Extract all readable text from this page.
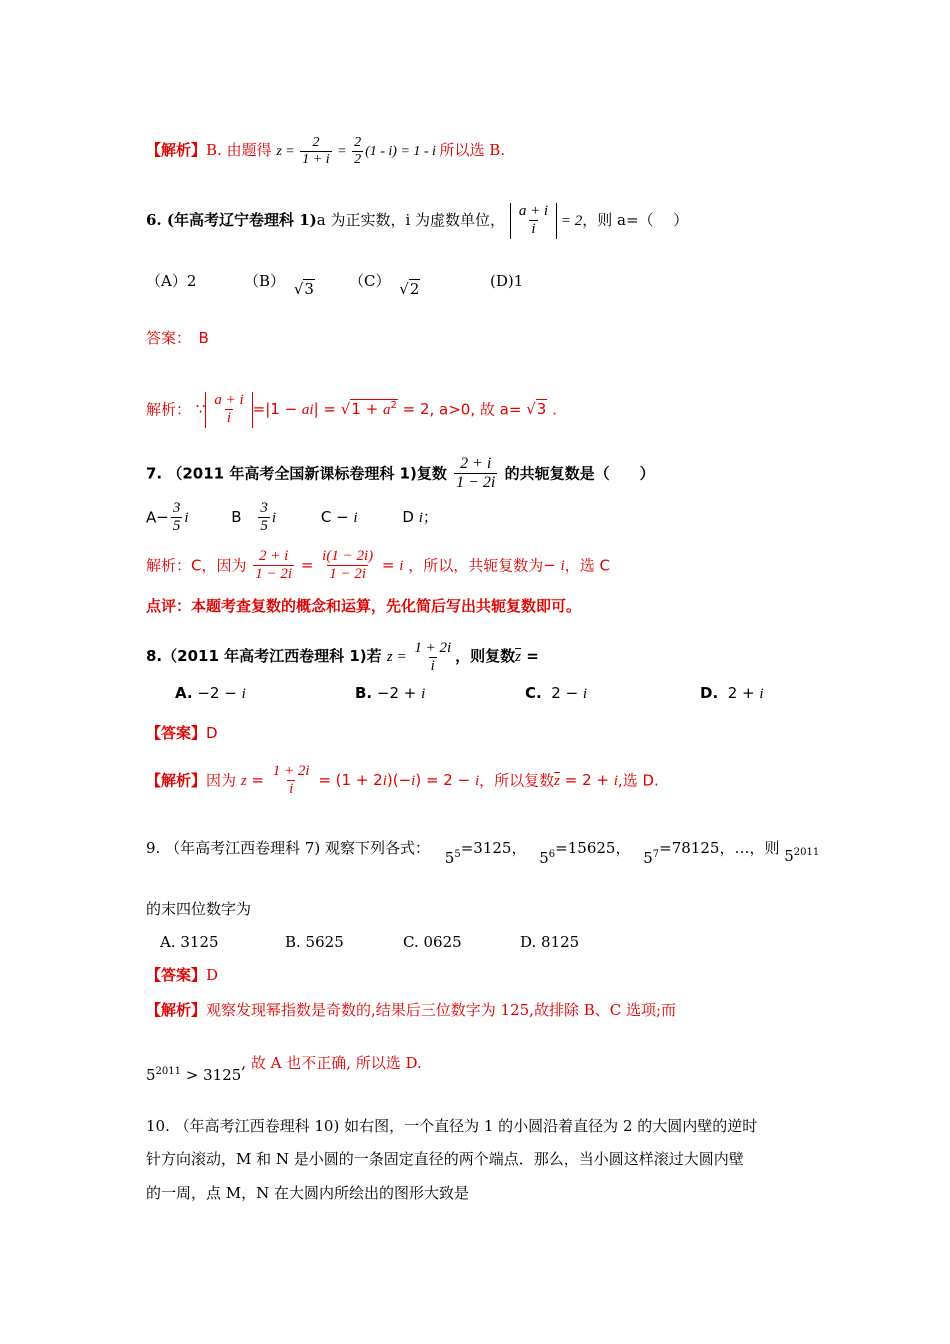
【解析】B. 由题得 $z = \frac{2}{1 + i} = \frac{2}{2} (1 - i) = 1 - i$ 所以选 B.
6. (年高考辽宁卷理科 1)a 为正实数，i 为虚数单位， $\frac{a + i}{i} = 2$，则 a=（　 ）
（A）2	（B） √3 （C） √2	(D)1
答案：　B
解析： ∵ $\frac{a + i}{i} =|1 - ai| = √1 + a^2 = 2$, a>0, 故 a= √3 .
7. （2011 年高考全国新课标卷理科 1)复数 $\frac{2 + i}{1 - 2i}$ 的共轭复数是（　　）
$A- \frac{3}{5}$ i	B $\frac{3}{5}$ i	C − i	D i；
解析：C，因为 $\frac{2 + i}{1 - 2i} = \frac{i(1 - 2i)}{1 - 2i} = i$ ，所以，共轭复数为− i，选 C
点评：本题考查复数的概念和运算，先化简后写出共轭复数即可。
8.（2011 年高考江西卷理科 1)若 $z = \frac{1 + 2i}{i}$ ，则复数$\overline{z}$ =
A. −2 − i	B. −2 + i	C.  2 − i	D.  2 + i
【答案】D
【解析】因为 $z = \frac{1 + 2i}{i} = (1 + 2i)(-i) = 2 - i$，所以复数$\overline{z} = 2 + i$,选 D.
9. （年高考江西卷理科 7) 观察下列各式： $5^5=3125$， $5^6=15625$， $5^7=78125$，…，则 $5^{2011}$
的末四位数字为
A. 3125	B. 5625	C. 0625	D. 8125
【答案】D
【解析】观察发现幂指数是奇数的,结果后三位数字为 125,故排除 B、C 选项;而
$5^{2011} > 3125$, 故 A 也不正确, 所以选 D.
10. （年高考江西卷理科 10) 如右图，一个直径为 1 的小圆沿着直径为 2 的大圆内壁的逆时
针方向滚动，M 和 N 是小圆的一条固定直径的两个端点．那么，当小圆这样滚过大圆内壁
的一周，点 M，N 在大圆内所绘出的图形大致是
